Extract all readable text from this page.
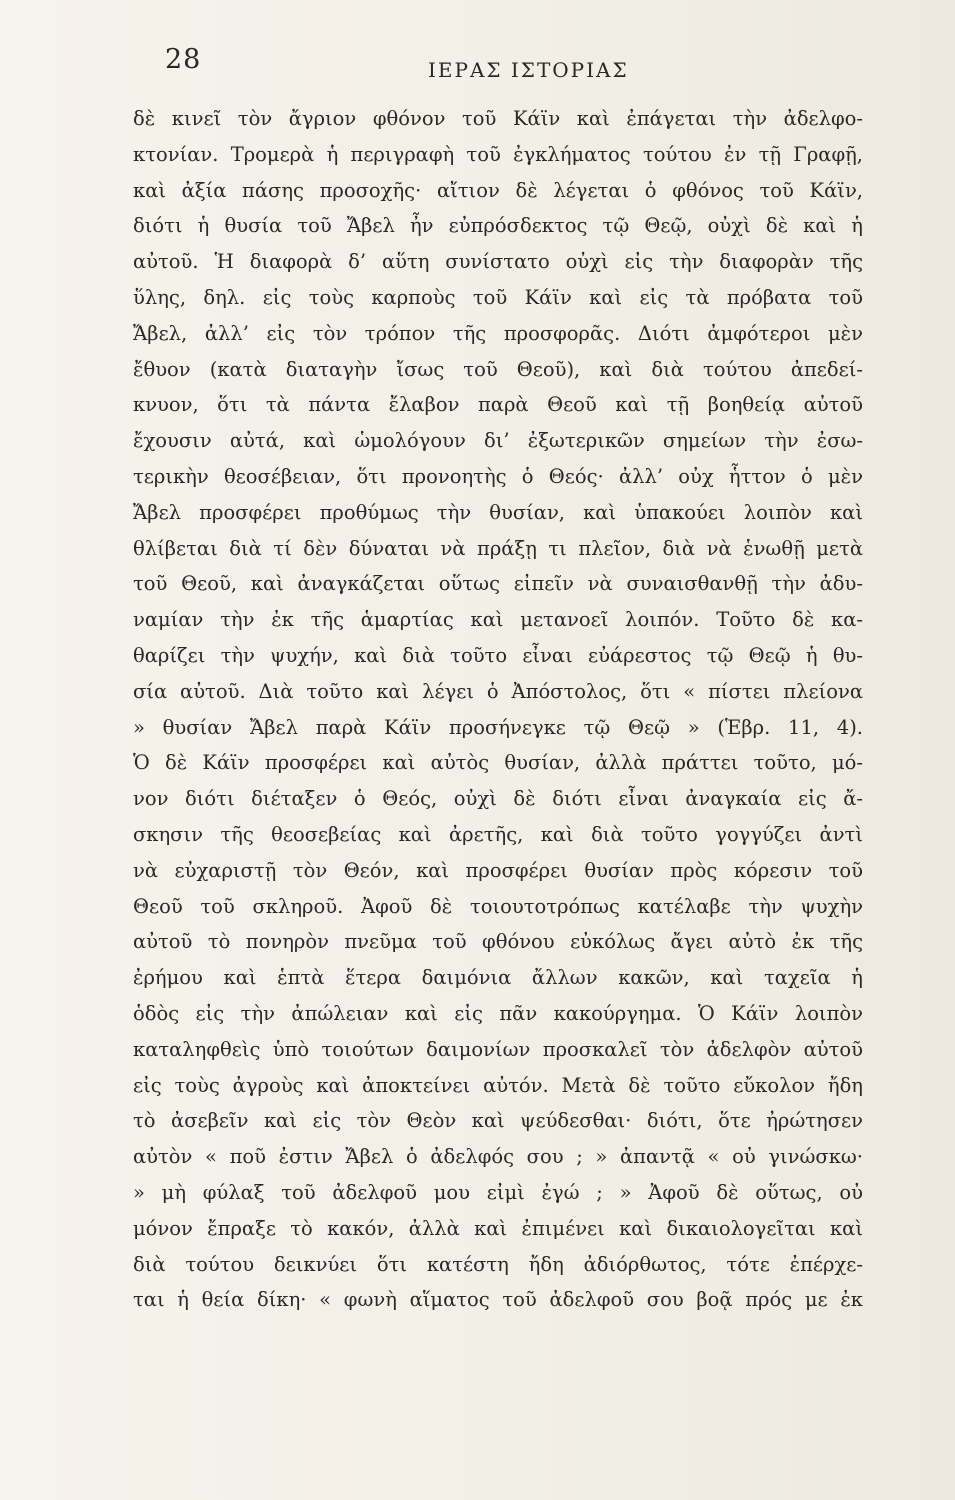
28	ΙΕΡΑΣ ΙΣΤΟΡΙΑΣ
δὲ κινεῖ τὸν ἄγριον φθόνον τοῦ Κάϊν καὶ ἐπάγεται τὴν ἀδελφο-
κτονίαν. Τρομερὰ ἡ περιγραφὴ τοῦ ἐγκλήματος τούτου ἐν τῇ Γραφῇ,
καὶ ἀξία πάσης προσοχῆς· αἴτιον δὲ λέγεται ὁ φθόνος τοῦ Κάϊν,
διότι ἡ θυσία τοῦ Ἄβελ ἦν εὐπρόσδεκτος τῷ Θεῷ, οὐχὶ δὲ καὶ ἡ
αὐτοῦ. Ἡ διαφορὰ δ’ αὕτη συνίστατο οὐχὶ εἰς τὴν διαφορὰν τῆς
ὕλης, δηλ. εἰς τοὺς καρποὺς τοῦ Κάϊν καὶ εἰς τὰ πρόβατα τοῦ
Ἄβελ, ἀλλ’ εἰς τὸν τρόπον τῆς προσφορᾶς. Διότι ἀμφότεροι μὲν
ἔθυον (κατὰ διαταγὴν ἴσως τοῦ Θεοῦ), καὶ διὰ τούτου ἀπεδεί-
κνυον, ὅτι τὰ πάντα ἔλαβον παρὰ Θεοῦ καὶ τῇ βοηθείᾳ αὐτοῦ
ἔχουσιν αὐτά, καὶ ὡμολόγουν δι’ ἐξωτερικῶν σημείων τὴν ἐσω-
τερικὴν θεοσέβειαν, ὅτι προνοητὴς ὁ Θεός· ἀλλ’ οὐχ ἧττον ὁ μὲν
Ἄβελ προσφέρει προθύμως τὴν θυσίαν, καὶ ὑπακούει λοιπὸν καὶ
θλίβεται διὰ τί δὲν δύναται νὰ πράξῃ τι πλεῖον, διὰ νὰ ἑνωθῇ μετὰ
τοῦ Θεοῦ, καὶ ἀναγκάζεται οὕτως εἰπεῖν νὰ συναισθανθῇ τὴν ἀδυ-
ναμίαν τὴν ἐκ τῆς ἁμαρτίας καὶ μετανοεῖ λοιπόν. Τοῦτο δὲ κα-
θαρίζει τὴν ψυχήν, καὶ διὰ τοῦτο εἶναι εὐάρεστος τῷ Θεῷ ἡ θυ-
σία αὐτοῦ. Διὰ τοῦτο καὶ λέγει ὁ Ἀπόστολος, ὅτι « πίστει πλείονα
» θυσίαν Ἄβελ παρὰ Κάϊν προσήνεγκε τῷ Θεῷ » (Ἑβρ. 11, 4).
Ὁ δὲ Κάϊν προσφέρει καὶ αὐτὸς θυσίαν, ἀλλὰ πράττει τοῦτο, μό-
νον διότι διέταξεν ὁ Θεός, οὐχὶ δὲ διότι εἶναι ἀναγκαία εἰς ἄ-
σκησιν τῆς θεοσεβείας καὶ ἀρετῆς, καὶ διὰ τοῦτο γογγύζει ἀντὶ
νὰ εὐχαριστῇ τὸν Θεόν, καὶ προσφέρει θυσίαν πρὸς κόρεσιν τοῦ
Θεοῦ τοῦ σκληροῦ. Ἀφοῦ δὲ τοιουτοτρόπως κατέλαβε τὴν ψυχὴν
αὐτοῦ τὸ πονηρὸν πνεῦμα τοῦ φθόνου εὐκόλως ἄγει αὐτὸ ἐκ τῆς
ἐρήμου καὶ ἑπτὰ ἕτερα δαιμόνια ἄλλων κακῶν, καὶ ταχεῖα ἡ
ὁδὸς εἰς τὴν ἀπώλειαν καὶ εἰς πᾶν κακούργημα. Ὁ Κάϊν λοιπὸν
καταληφθεὶς ὑπὸ τοιούτων δαιμονίων προσκαλεῖ τὸν ἀδελφὸν αὐτοῦ
εἰς τοὺς ἀγροὺς καὶ ἀποκτείνει αὐτόν. Μετὰ δὲ τοῦτο εὔκολον ἤδη
τὸ ἀσεβεῖν καὶ εἰς τὸν Θεὸν καὶ ψεύδεσθαι· διότι, ὅτε ἠρώτησεν
αὐτὸν « ποῦ ἐστιν Ἄβελ ὁ ἀδελφός σου ; » ἀπαντᾷ « οὐ γινώσκω·
» μὴ φύλαξ τοῦ ἀδελφοῦ μου εἰμὶ ἐγώ ; » Ἀφοῦ δὲ οὕτως, οὐ
μόνον ἔπραξε τὸ κακόν, ἀλλὰ καὶ ἐπιμένει καὶ δικαιολογεῖται καὶ
διὰ τούτου δεικνύει ὅτι κατέστη ἤδη ἀδιόρθωτος, τότε ἐπέρχε-
ται ἡ θεία δίκη· « φωνὴ αἵματος τοῦ ἀδελφοῦ σου βοᾷ πρός με ἐκ
